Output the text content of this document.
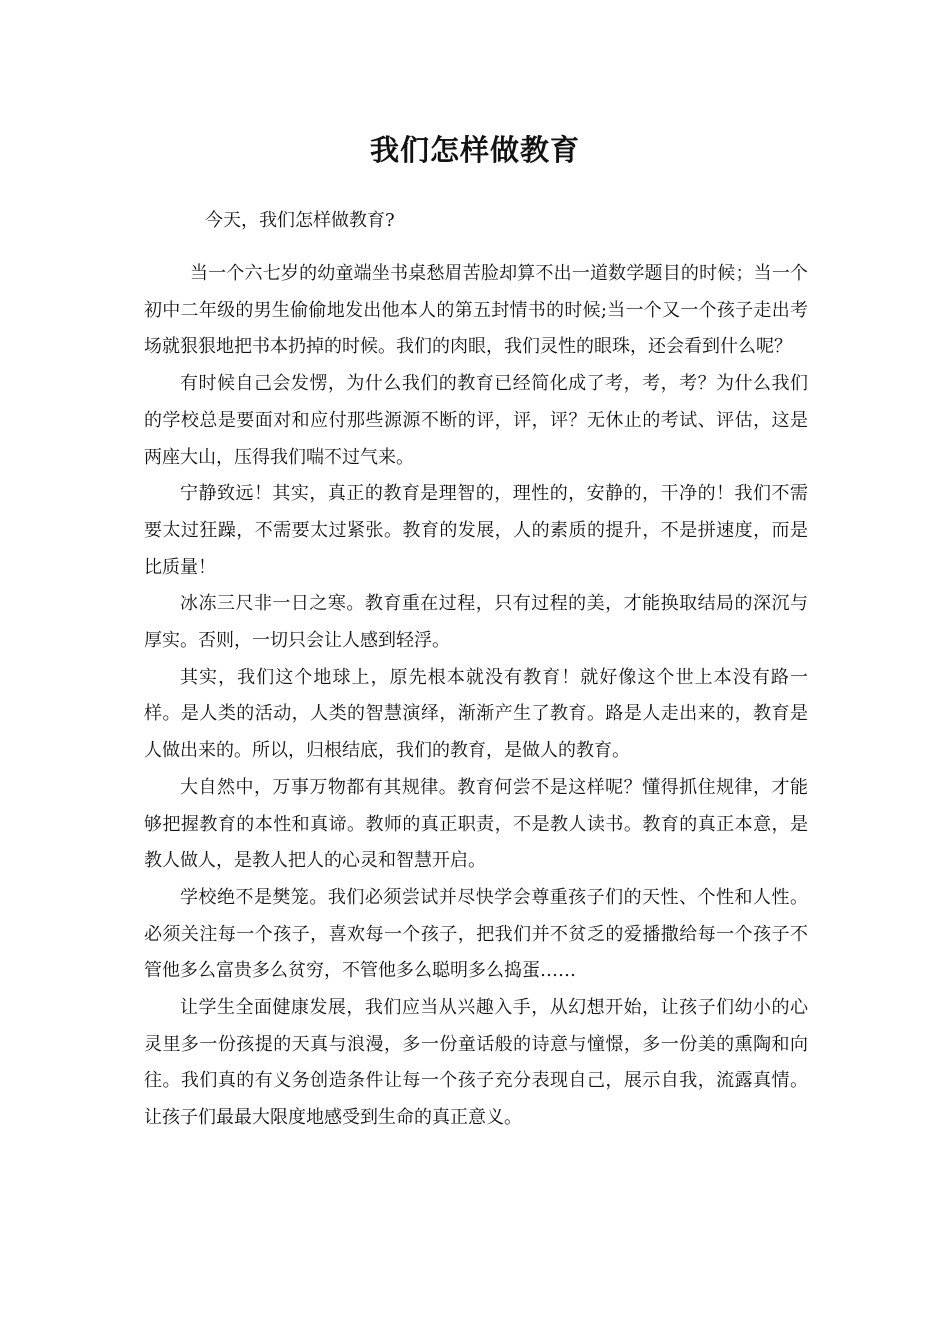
我们怎样做教育
今天，我们怎样做教育?

当一个六七岁的幼童端坐书桌愁眉苦脸却算不出一道数学题目的时候；当一个初中二年级的男生偷偷地发出他本人的第五封情书的时候;当一个又一个孩子走出考场就狠狠地把书本扔掉的时候。我们的肉眼，我们灵性的眼珠，还会看到什么呢？

有时候自己会发愣，为什么我们的教育已经简化成了考，考，考？为什么我们的学校总是要面对和应付那些源源不断的评，评，评？无休止的考试、评估，这是两座大山，压得我们喘不过气来。

宁静致远！其实，真正的教育是理智的，理性的，安静的，干净的！我们不需要太过狂躁，不需要太过紧张。教育的发展，人的素质的提升，不是拼速度，而是比质量！

冰冻三尺非一日之寒。教育重在过程，只有过程的美，才能换取结局的深沉与厚实。否则，一切只会让人感到轻浮。

其实，我们这个地球上，原先根本就没有教育！就好像这个世上本没有路一样。是人类的活动，人类的智慧演绎，渐渐产生了教育。路是人走出来的，教育是人做出来的。所以，归根结底，我们的教育，是做人的教育。

大自然中，万事万物都有其规律。教育何尝不是这样呢？懂得抓住规律，才能够把握教育的本性和真谛。教师的真正职责，不是教人读书。教育的真正本意，是教人做人，是教人把人的心灵和智慧开启。

学校绝不是樊笼。我们必须尝试并尽快学会尊重孩子们的天性、个性和人性。必须关注每一个孩子，喜欢每一个孩子，把我们并不贫乏的爱播撒给每一个孩子不管他多么富贵多么贫穷，不管他多么聪明多么捣蛋……

让学生全面健康发展，我们应当从兴趣入手，从幻想开始，让孩子们幼小的心灵里多一份孩提的天真与浪漫，多一份童话般的诗意与憧憬，多一份美的熏陶和向往。我们真的有义务创造条件让每一个孩子充分表现自己，展示自我，流露真情。让孩子们最最大限度地感受到生命的真正意义。
